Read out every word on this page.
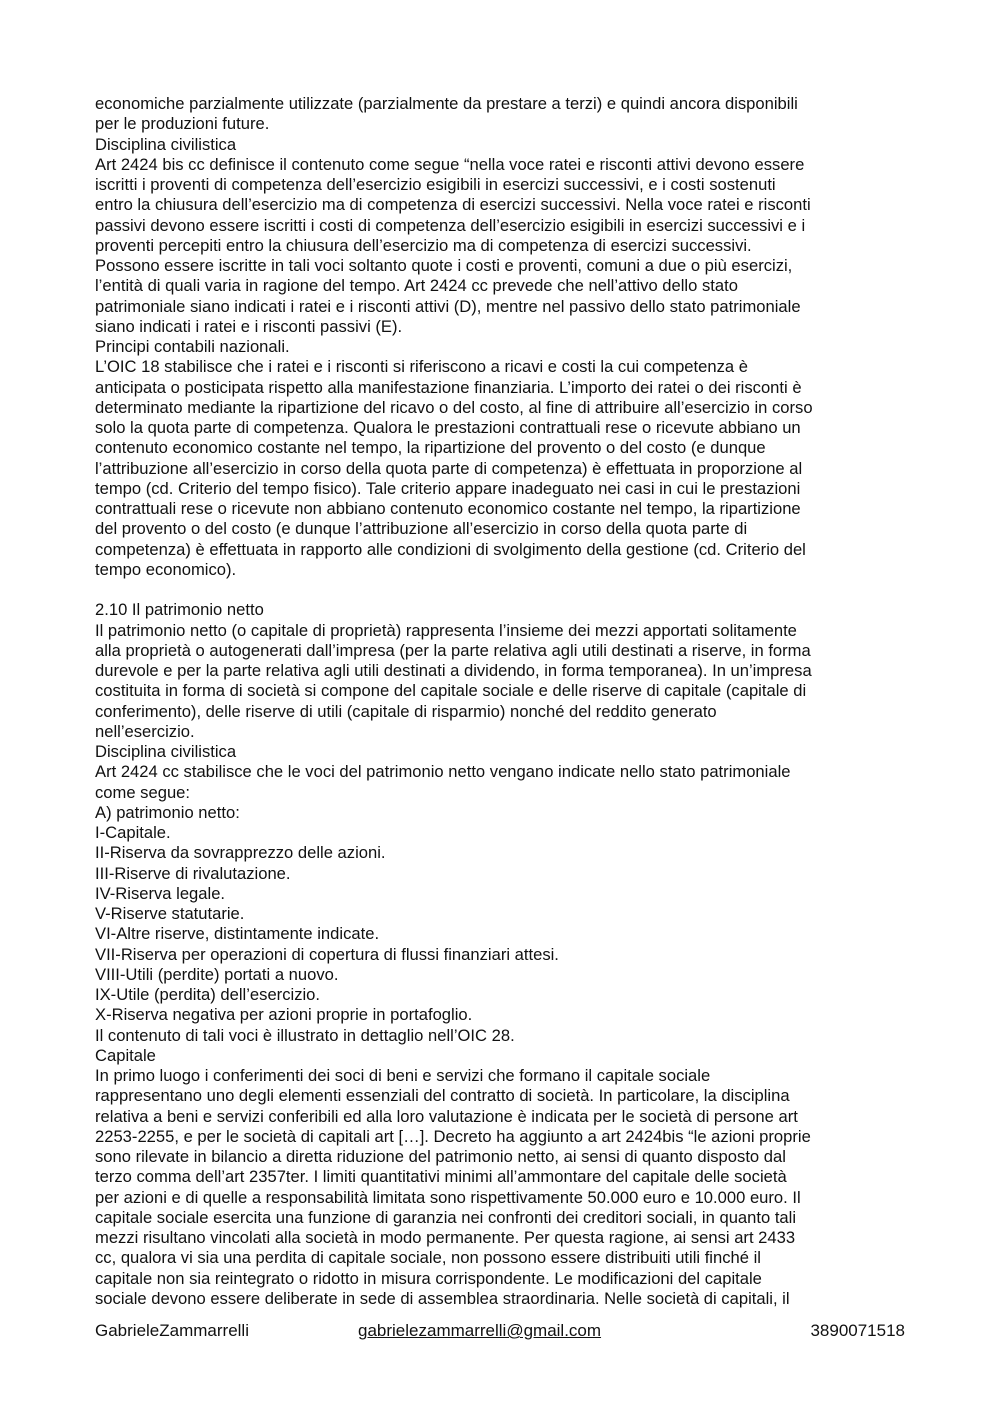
economiche parzialmente utilizzate (parzialmente da prestare a terzi) e quindi ancora disponibili

per le produzioni future.

Disciplina civilistica

Art 2424 bis cc definisce il contenuto come segue “nella voce ratei e risconti attivi devono essere

iscritti i proventi di competenza dell’esercizio esigibili in esercizi successivi, e i costi sostenuti

entro la chiusura dell’esercizio ma di competenza di esercizi successivi. Nella voce ratei e risconti

passivi devono essere iscritti i costi di competenza dell’esercizio esigibili in esercizi successivi e i

proventi percepiti entro la chiusura dell’esercizio ma di competenza di esercizi successivi.

Possono essere iscritte in tali voci soltanto quote i costi e proventi, comuni a due o più esercizi,

l’entità di quali varia in ragione del tempo. Art 2424 cc prevede che nell’attivo dello stato

patrimoniale siano indicati i ratei e i risconti attivi (D), mentre nel passivo dello stato patrimoniale

siano indicati i ratei e i risconti passivi (E).

Principi contabili nazionali.

L’OIC 18 stabilisce che i ratei e i risconti si riferiscono a ricavi e costi la cui competenza è

anticipata o posticipata rispetto alla manifestazione finanziaria. L’importo dei ratei o dei risconti è

determinato mediante la ripartizione del ricavo o del costo, al fine di attribuire all’esercizio in corso

solo la quota parte di competenza. Qualora le prestazioni contrattuali rese o ricevute abbiano un

contenuto economico costante nel tempo, la ripartizione del provento o del costo (e dunque

l’attribuzione all’esercizio in corso della quota parte di competenza) è effettuata in proporzione al

tempo (cd. Criterio del tempo fisico). Tale criterio appare inadeguato nei casi in cui le prestazioni

contrattuali rese o ricevute non abbiano contenuto economico costante nel tempo, la ripartizione

del provento o del costo (e dunque l’attribuzione all’esercizio in corso della quota parte di

competenza) è effettuata in rapporto alle condizioni di svolgimento della gestione (cd. Criterio del

tempo economico).

2.10 Il patrimonio netto

Il patrimonio netto (o capitale di proprietà) rappresenta l’insieme dei mezzi apportati solitamente

alla proprietà o autogenerati dall’impresa (per la parte relativa agli utili destinati a riserve, in forma

durevole e per la parte relativa agli utili destinati a dividendo, in forma temporanea). In un’impresa

costituita in forma di società si compone del capitale sociale e delle riserve di capitale (capitale di

conferimento), delle riserve di utili (capitale di risparmio) nonché del reddito generato

nell’esercizio.

Disciplina civilistica

Art 2424 cc stabilisce che le voci del patrimonio netto vengano indicate nello stato patrimoniale

come segue:

A) patrimonio netto:

I-Capitale.

II-Riserva da sovrapprezzo delle azioni.

III-Riserve di rivalutazione.

IV-Riserva legale.

V-Riserve statutarie.

VI-Altre riserve, distintamente indicate.

VII-Riserva per operazioni di copertura di flussi finanziari attesi.

VIII-Utili (perdite) portati a nuovo.

IX-Utile (perdita) dell’esercizio.

X-Riserva negativa per azioni proprie in portafoglio.

Il contenuto di tali voci è illustrato in dettaglio nell’OIC 28.

Capitale

In primo luogo i conferimenti dei soci di beni e servizi che formano il capitale sociale

rappresentano uno degli elementi essenziali del contratto di società. In particolare, la disciplina

relativa a beni e servizi conferibili ed alla loro valutazione è indicata per le società di persone art

2253-2255, e per le società di capitali art […]. Decreto ha aggiunto a art 2424bis “le azioni proprie

sono rilevate in bilancio a diretta riduzione del patrimonio netto, ai sensi di quanto disposto dal

terzo comma dell’art 2357ter. I limiti quantitativi minimi all’ammontare del capitale delle società

per azioni e di quelle a responsabilità limitata sono rispettivamente 50.000 euro e 10.000 euro. Il

capitale sociale esercita una funzione di garanzia nei confronti dei creditori sociali, in quanto tali

mezzi risultano vincolati alla società in modo permanente. Per questa ragione, ai sensi art 2433

cc, qualora vi sia una perdita di capitale sociale, non possono essere distribuiti utili finché il

capitale non sia reintegrato o ridotto in misura corrispondente. Le modificazioni del capitale

sociale devono essere deliberate in sede di assemblea straordinaria. Nelle società di capitali, il

GabrieleZammarrelli	gabrielezammarrelli@gmail.com	3890071518
